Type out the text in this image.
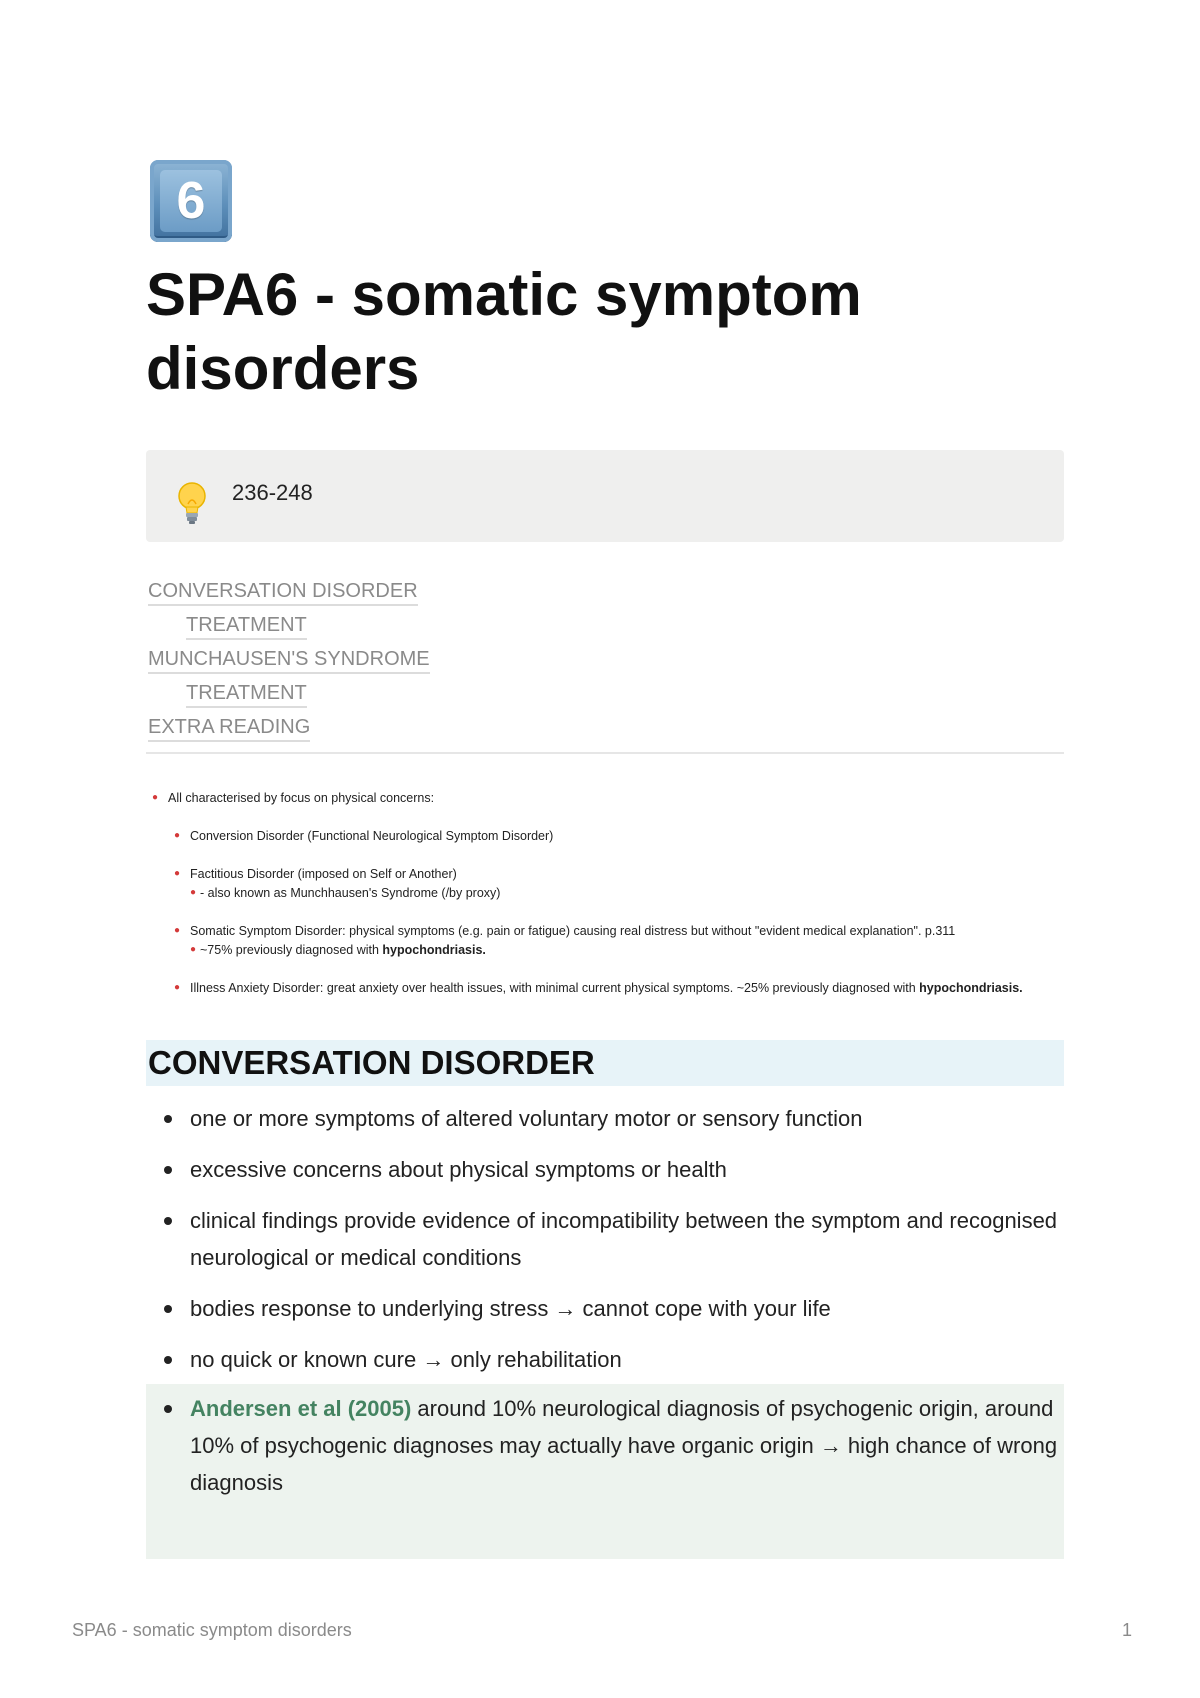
6
SPA6 - somatic symptom disorders
236-248
CONVERSATION DISORDER
TREATMENT
MUNCHAUSEN'S SYNDROME
TREATMENT
EXTRA READING
● All characterised by focus on physical concerns:
● Conversion Disorder (Functional Neurological Symptom Disorder)
● Factitious Disorder (imposed on Self or Another)
● - also known as Munchhausen's Syndrome (/by proxy)
● Somatic Symptom Disorder: physical symptoms (e.g. pain or fatigue) causing real distress but without "evident medical explanation". p.311
● ~75% previously diagnosed with hypochondriasis.
● Illness Anxiety Disorder: great anxiety over health issues, with minimal current physical symptoms. ~25% previously diagnosed with hypochondriasis.
CONVERSATION DISORDER
one or more symptoms of altered voluntary motor or sensory function
excessive concerns about physical symptoms or health
clinical findings provide evidence of incompatibility between the symptom and recognised neurological or medical conditions
bodies response to underlying stress → cannot cope with your life
no quick or known cure → only rehabilitation
Andersen et al (2005) around 10% neurological diagnosis of psychogenic origin, around 10% of psychogenic diagnoses may actually have organic origin → high chance of wrong diagnosis
SPA6 - somatic symptom disorders	1
